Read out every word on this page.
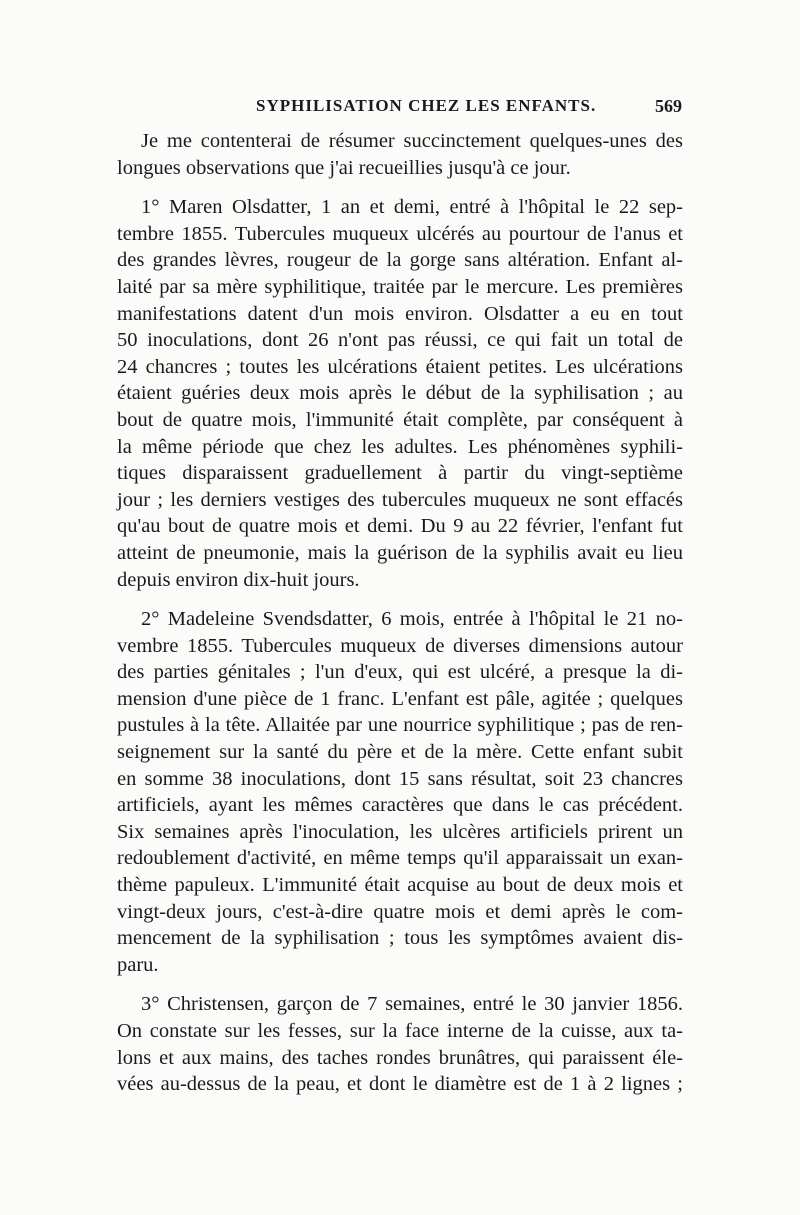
SYPHILISATION CHEZ LES ENFANTS.	569
Je me contenterai de résumer succinctement quelques-unes des
longues observations que j'ai recueillies jusqu'à ce jour.
1° Maren Olsdatter, 1 an et demi, entré à l'hôpital le 22 sep-
tembre 1855. Tubercules muqueux ulcérés au pourtour de l'anus et
des grandes lèvres, rougeur de la gorge sans altération. Enfant al-
laité par sa mère syphilitique, traitée par le mercure. Les premières
manifestations datent d'un mois environ. Olsdatter a eu en tout
50 inoculations, dont 26 n'ont pas réussi, ce qui fait un total de
24 chancres ; toutes les ulcérations étaient petites. Les ulcérations
étaient guéries deux mois après le début de la syphilisation ; au
bout de quatre mois, l'immunité était complète, par conséquent à
la même période que chez les adultes. Les phénomènes syphili-
tiques disparaissent graduellement à partir du vingt-septième
jour ; les derniers vestiges des tubercules muqueux ne sont effacés
qu'au bout de quatre mois et demi. Du 9 au 22 février, l'enfant fut
atteint de pneumonie, mais la guérison de la syphilis avait eu lieu
depuis environ dix-huit jours.
2° Madeleine Svendsdatter, 6 mois, entrée à l'hôpital le 21 no-
vembre 1855. Tubercules muqueux de diverses dimensions autour
des parties génitales ; l'un d'eux, qui est ulcéré, a presque la di-
mension d'une pièce de 1 franc. L'enfant est pâle, agitée ; quelques
pustules à la tête. Allaitée par une nourrice syphilitique ; pas de ren-
seignement sur la santé du père et de la mère. Cette enfant subit
en somme 38 inoculations, dont 15 sans résultat, soit 23 chancres
artificiels, ayant les mêmes caractères que dans le cas précédent.
Six semaines après l'inoculation, les ulcères artificiels prirent un
redoublement d'activité, en même temps qu'il apparaissait un exan-
thème papuleux. L'immunité était acquise au bout de deux mois et
vingt-deux jours, c'est-à-dire quatre mois et demi après le com-
mencement de la syphilisation ; tous les symptômes avaient dis-
paru.
3° Christensen, garçon de 7 semaines, entré le 30 janvier 1856.
On constate sur les fesses, sur la face interne de la cuisse, aux ta-
lons et aux mains, des taches rondes brunâtres, qui paraissent éle-
vées au-dessus de la peau, et dont le diamètre est de 1 à 2 lignes ;
